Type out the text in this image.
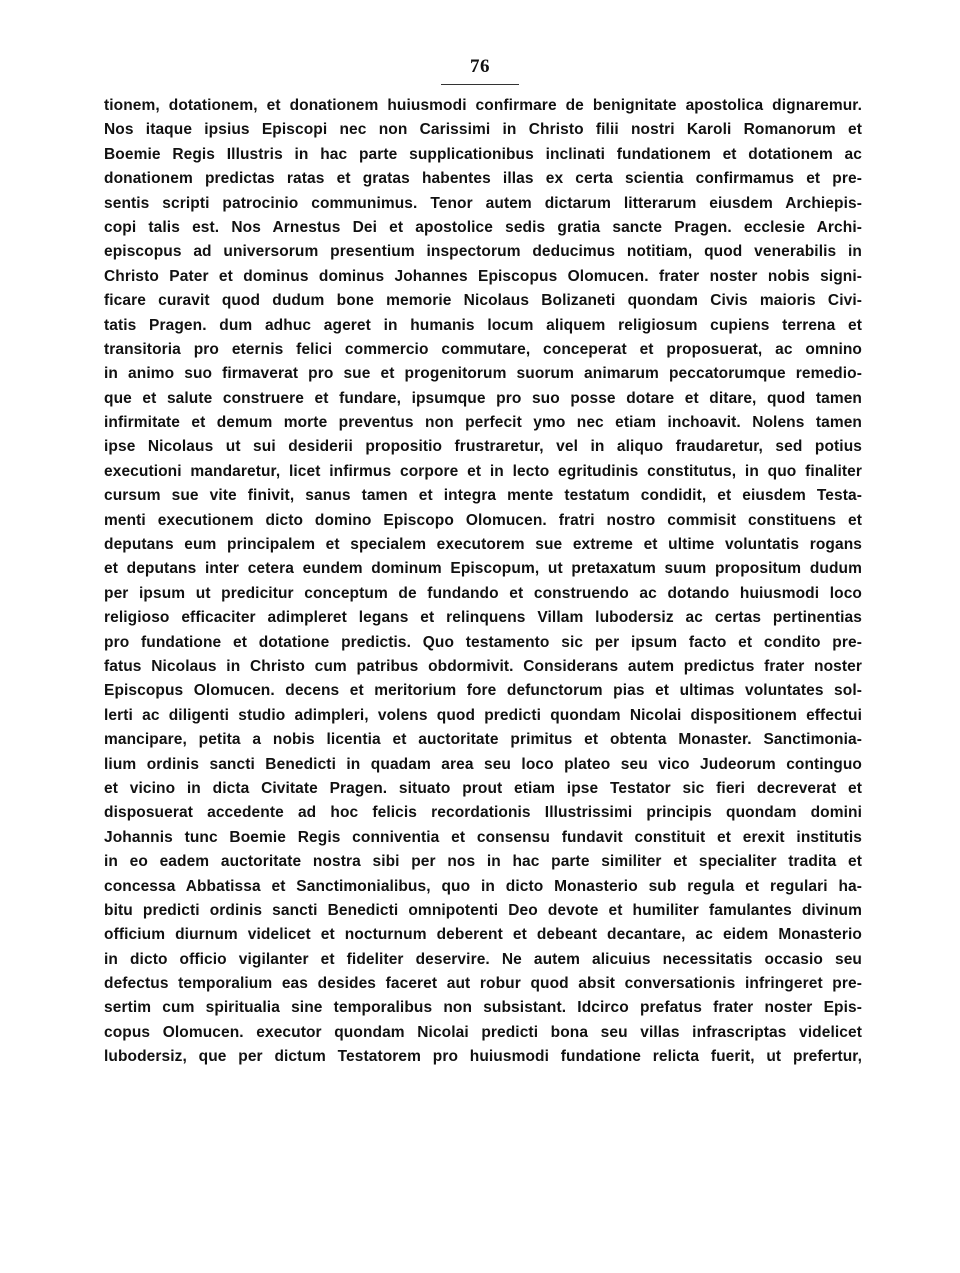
76
tionem, dotationem, et donationem huiusmodi confirmare de benignitate apostolica dignaremur.
Nos itaque ipsius Episcopi nec non Carissimi in Christo filii nostri Karoli Romanorum et
Boemie Regis Illustris in hac parte supplicationibus inclinati fundationem et dotationem ac
donationem predictas ratas et gratas habentes illas ex certa scientia confirmamus et pre-
sentis scripti patrocinio communimus. Tenor autem dictarum litterarum eiusdem Archiepis-
copi talis est. Nos Arnestus Dei et apostolice sedis gratia sancte Pragen. ecclesie Archi-
episcopus ad universorum presentium inspectorum deducimus notitiam, quod venerabilis in
Christo Pater et dominus dominus Johannes Episcopus Olomucen. frater noster nobis signi-
ficare curavit quod dudum bone memorie Nicolaus Bolizaneti quondam Civis maioris Civi-
tatis Pragen. dum adhuc ageret in humanis locum aliquem religiosum cupiens terrena et
transitoria pro eternis felici commercio commutare, conceperat et proposuerat, ac omnino
in animo suo firmaverat pro sue et progenitorum suorum animarum peccatorumque remedio-
que et salute construere et fundare, ipsumque pro suo posse dotare et ditare, quod tamen
infirmitate et demum morte preventus non perfecit ymo nec etiam inchoavit. Nolens tamen
ipse Nicolaus ut sui desiderii propositio frustraretur, vel in aliquo fraudaretur, sed potius
executioni mandaretur, licet infirmus corpore et in lecto egritudinis constitutus, in quo finaliter
cursum sue vite finivit, sanus tamen et integra mente testatum condidit, et eiusdem Testa-
menti executionem dicto domino Episcopo Olomucen. fratri nostro commisit constituens et
deputans eum principalem et specialem executorem sue extreme et ultime voluntatis rogans
et deputans inter cetera eundem dominum Episcopum, ut pretaxatum suum propositum dudum
per ipsum ut predicitur conceptum de fundando et construendo ac dotando huiusmodi loco
religioso efficaciter adimpleret legans et relinquens Villam lubodersiz ac certas pertinentias
pro fundatione et dotatione predictis. Quo testamento sic per ipsum facto et condito pre-
fatus Nicolaus in Christo cum patribus obdormivit. Considerans autem predictus frater noster
Episcopus Olomucen. decens et meritorium fore defunctorum pias et ultimas voluntates sol-
lerti ac diligenti studio adimpleri, volens quod predicti quondam Nicolai dispositionem effectui
mancipare, petita a nobis licentia et auctoritate primitus et obtenta Monaster. Sanctimonia-
lium ordinis sancti Benedicti in quadam area seu loco plateo seu vico Judeorum continguo
et vicino in dicta Civitate Pragen. situato prout etiam ipse Testator sic fieri decreverat et
disposuerat accedente ad hoc felicis recordationis Illustrissimi principis quondam domini
Johannis tunc Boemie Regis conniventia et consensu fundavit constituit et erexit institutis
in eo eadem auctoritate nostra sibi per nos in hac parte similiter et specialiter tradita et
concessa Abbatissa et Sanctimonialibus, quo in dicto Monasterio sub regula et regulari ha-
bitu predicti ordinis sancti Benedicti omnipotenti Deo devote et humiliter famulantes divinum
officium diurnum videlicet et nocturnum deberent et debeant decantare, ac eidem Monasterio
in dicto officio vigilanter et fideliter deservire. Ne autem alicuius necessitatis occasio seu
defectus temporalium eas desides faceret aut robur quod absit conversationis infringeret pre-
sertim cum spiritualia sine temporalibus non subsistant. Idcirco prefatus frater noster Epis-
copus Olomucen. executor quondam Nicolai predicti bona seu villas infrascriptas videlicet
lubodersiz, que per dictum Testatorem pro huiusmodi fundatione relicta fuerit, ut prefertur,
